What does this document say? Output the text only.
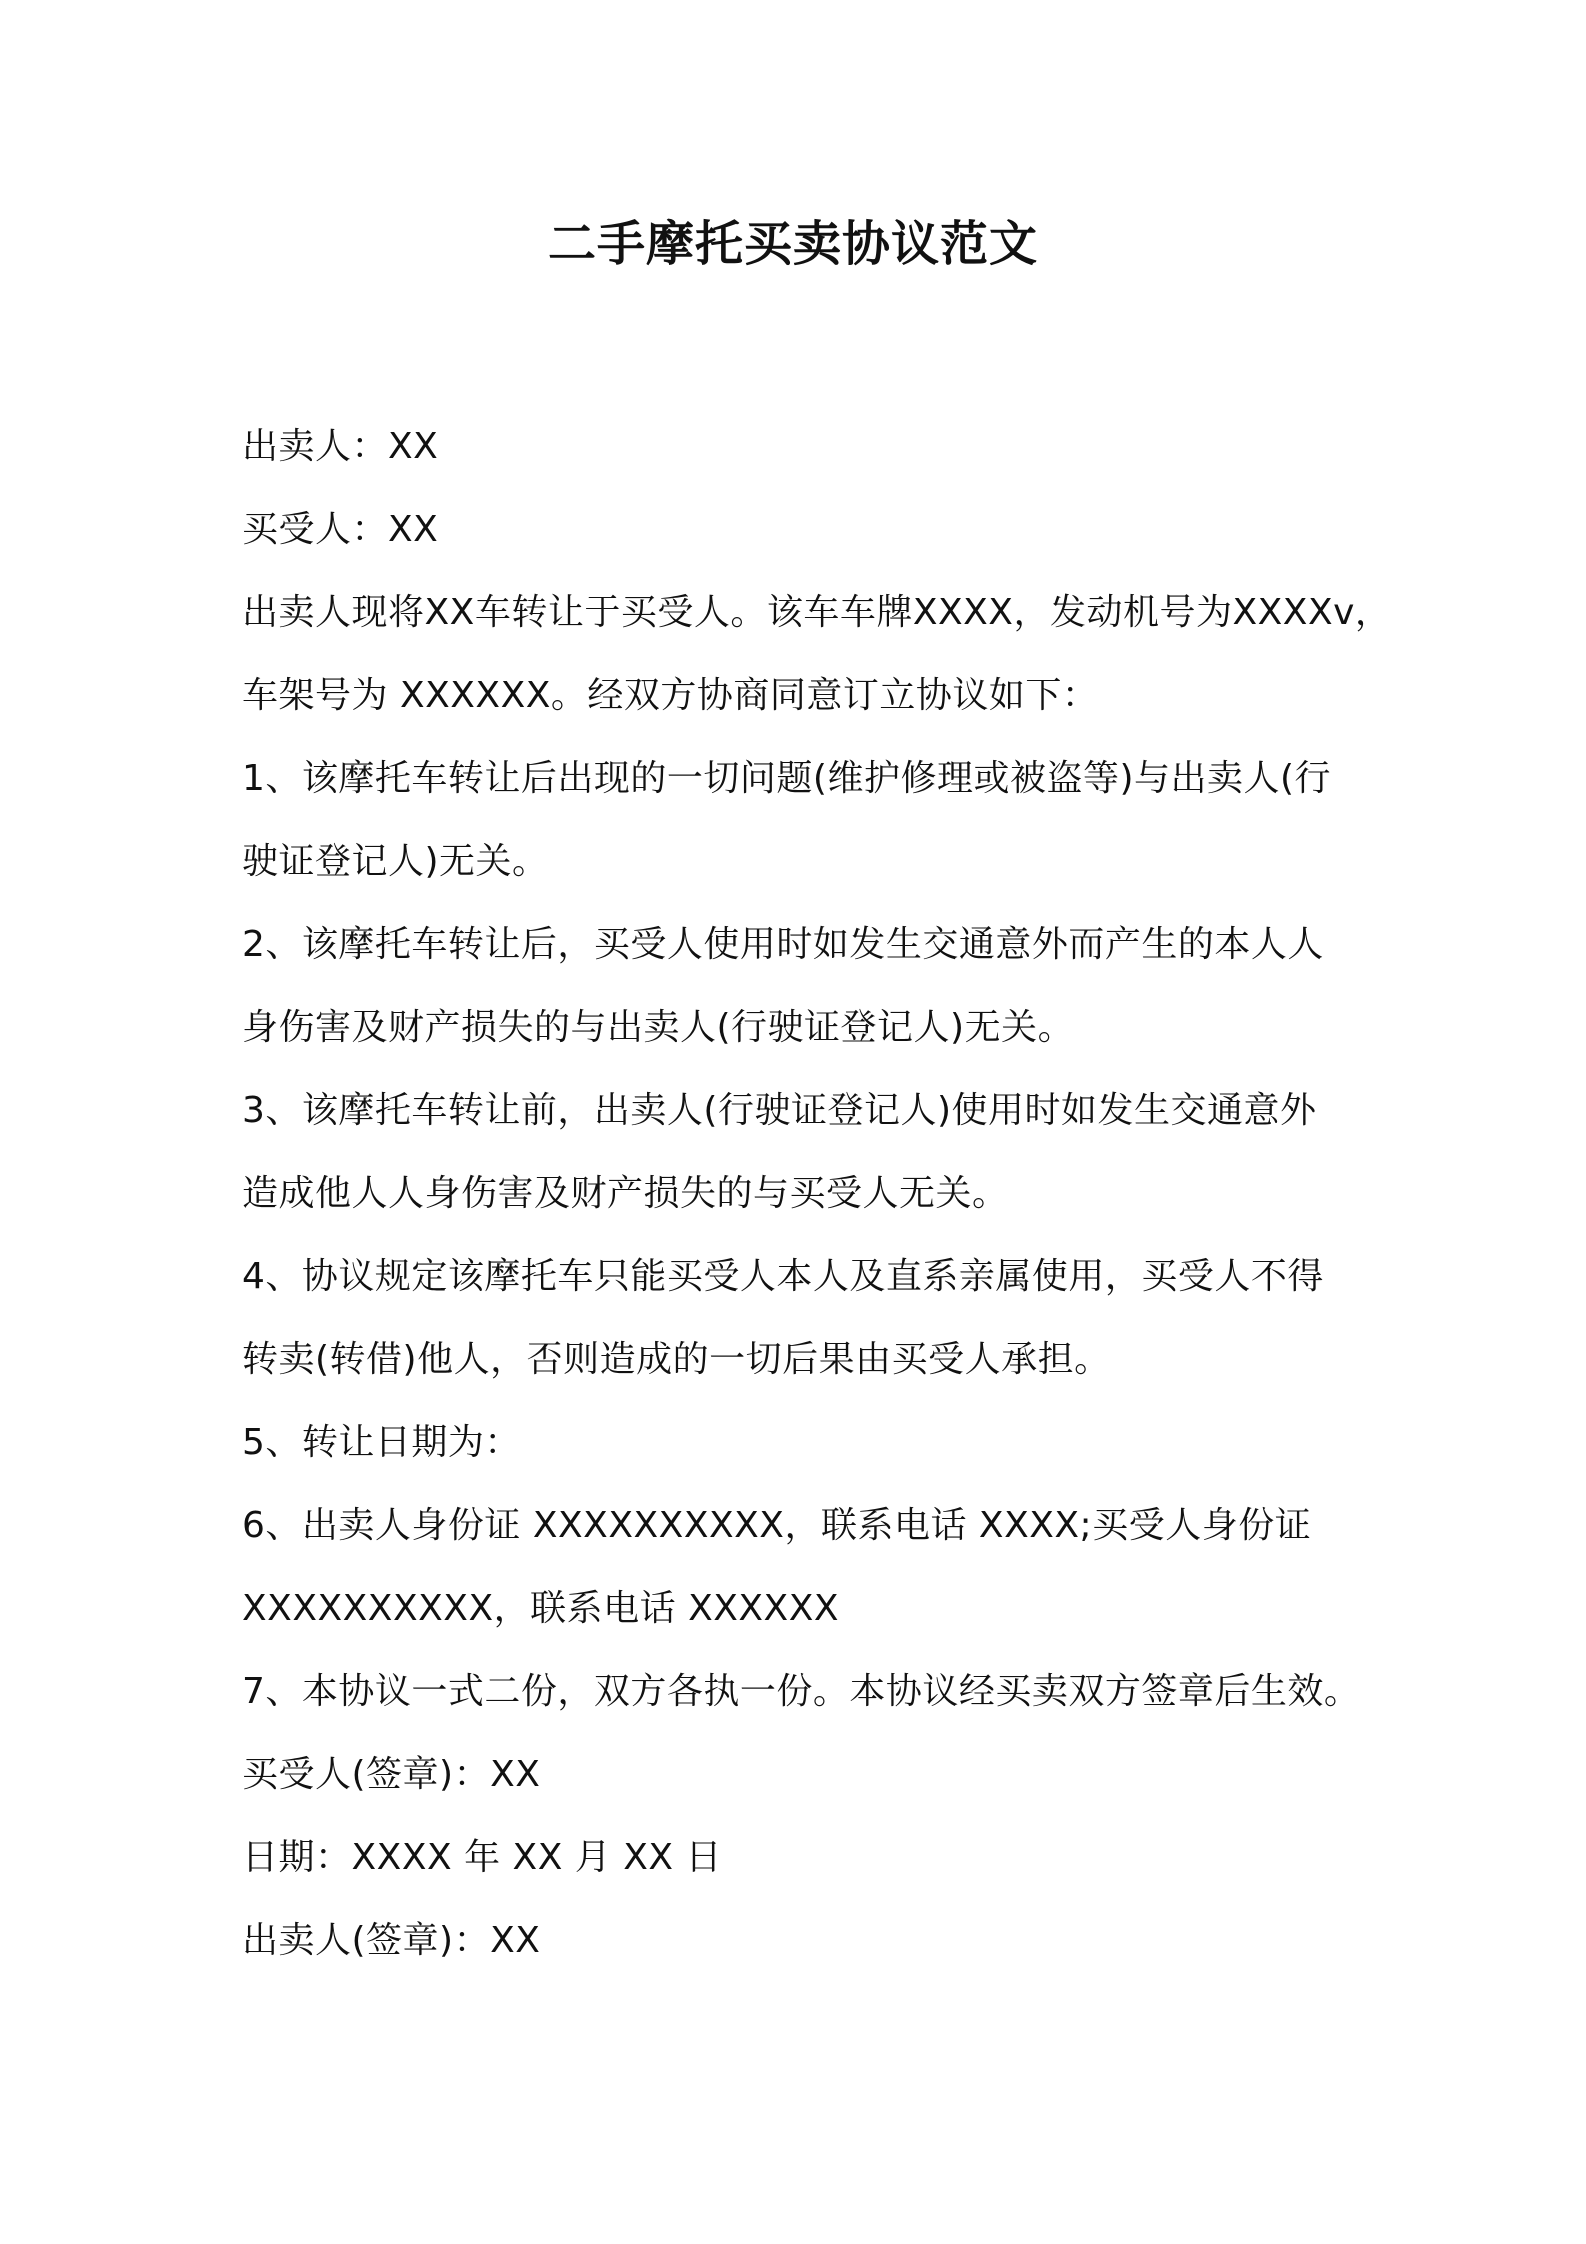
二手摩托买卖协议范文
出卖人：XX
买受人：XX
出卖人现将XX车转让于买受人。该车车牌XXXX，发动机号为XXXXv，
车架号为 XXXXXX。经双方协商同意订立协议如下：
1、该摩托车转让后出现的一切问题(维护修理或被盗等)与出卖人(行
驶证登记人)无关。
2、该摩托车转让后，买受人使用时如发生交通意外而产生的本人人
身伤害及财产损失的与出卖人(行驶证登记人)无关。
3、该摩托车转让前，出卖人(行驶证登记人)使用时如发生交通意外
造成他人人身伤害及财产损失的与买受人无关。
4、协议规定该摩托车只能买受人本人及直系亲属使用，买受人不得
转卖(转借)他人，否则造成的一切后果由买受人承担。
5、转让日期为：
6、出卖人身份证 XXXXXXXXXX，联系电话 XXXX;买受人身份证
XXXXXXXXXX，联系电话 XXXXXX
7、本协议一式二份，双方各执一份。本协议经买卖双方签章后生效。
买受人(签章)：XX
日期：XXXX 年 XX 月 XX 日
出卖人(签章)：XX
